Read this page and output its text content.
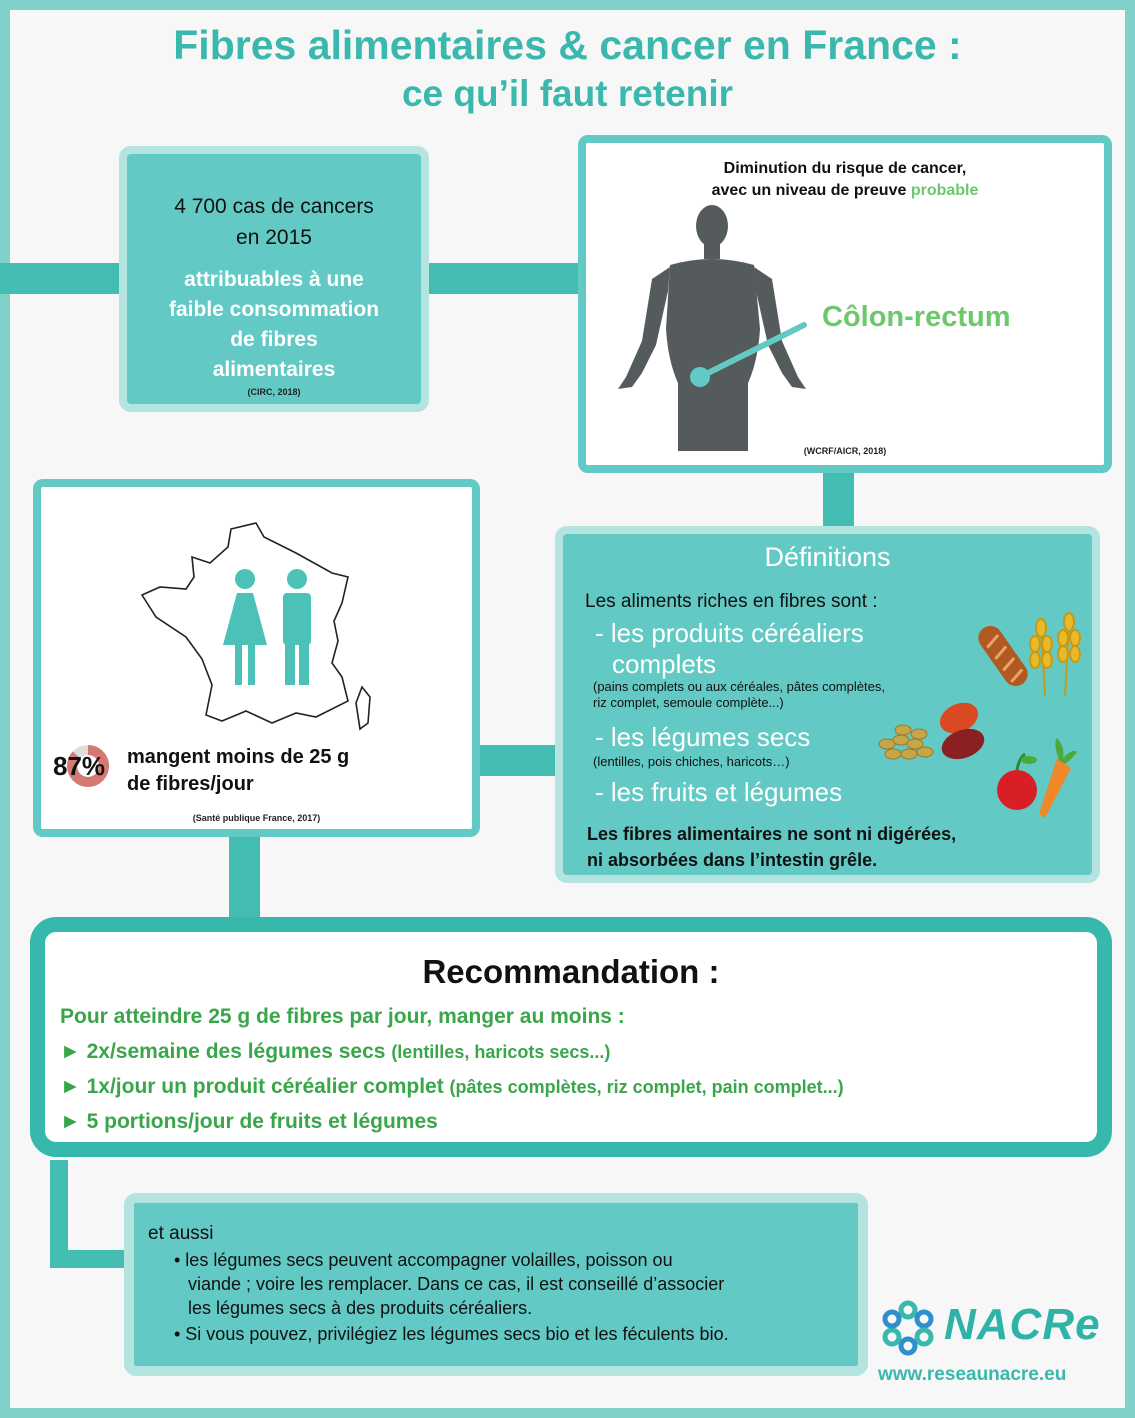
Fibres alimentaires & cancer en France :
ce qu’il faut retenir
4 700 cas de cancers
en 2015
attribuables à une
faible consommation
de fibres
alimentaires
(CIRC, 2018)
Diminution du risque de cancer,
avec un niveau de preuve probable
Côlon-rectum
(WCRF/AICR, 2018)
87% mangent moins de 25 g
de fibres/jour
(Santé publique France, 2017)
Définitions
Les aliments riches en fibres sont :
- les produits céréaliers
complets
(pains complets ou aux céréales, pâtes complètes,
riz complet, semoule complète...)
- les légumes secs
(lentilles, pois chiches, haricots…)
- les fruits et légumes
Les fibres alimentaires ne sont ni digérées,
ni absorbées dans l’intestin grêle.
Recommandation :
Pour atteindre 25 g de fibres par jour, manger au moins :
► 2x/semaine des légumes secs (lentilles, haricots secs...)
► 1x/jour un produit céréalier complet (pâtes complètes, riz complet, pain complet...)
► 5 portions/jour de fruits et légumes
et aussi
• les légumes secs peuvent accompagner volailles, poisson ou
viande ; voire les remplacer. Dans ce cas, il est conseillé d’associer
les légumes secs à des produits céréaliers.
• Si vous pouvez, privilégiez les légumes secs bio et les féculents bio.	NACRe
www.reseaunacre.eu
